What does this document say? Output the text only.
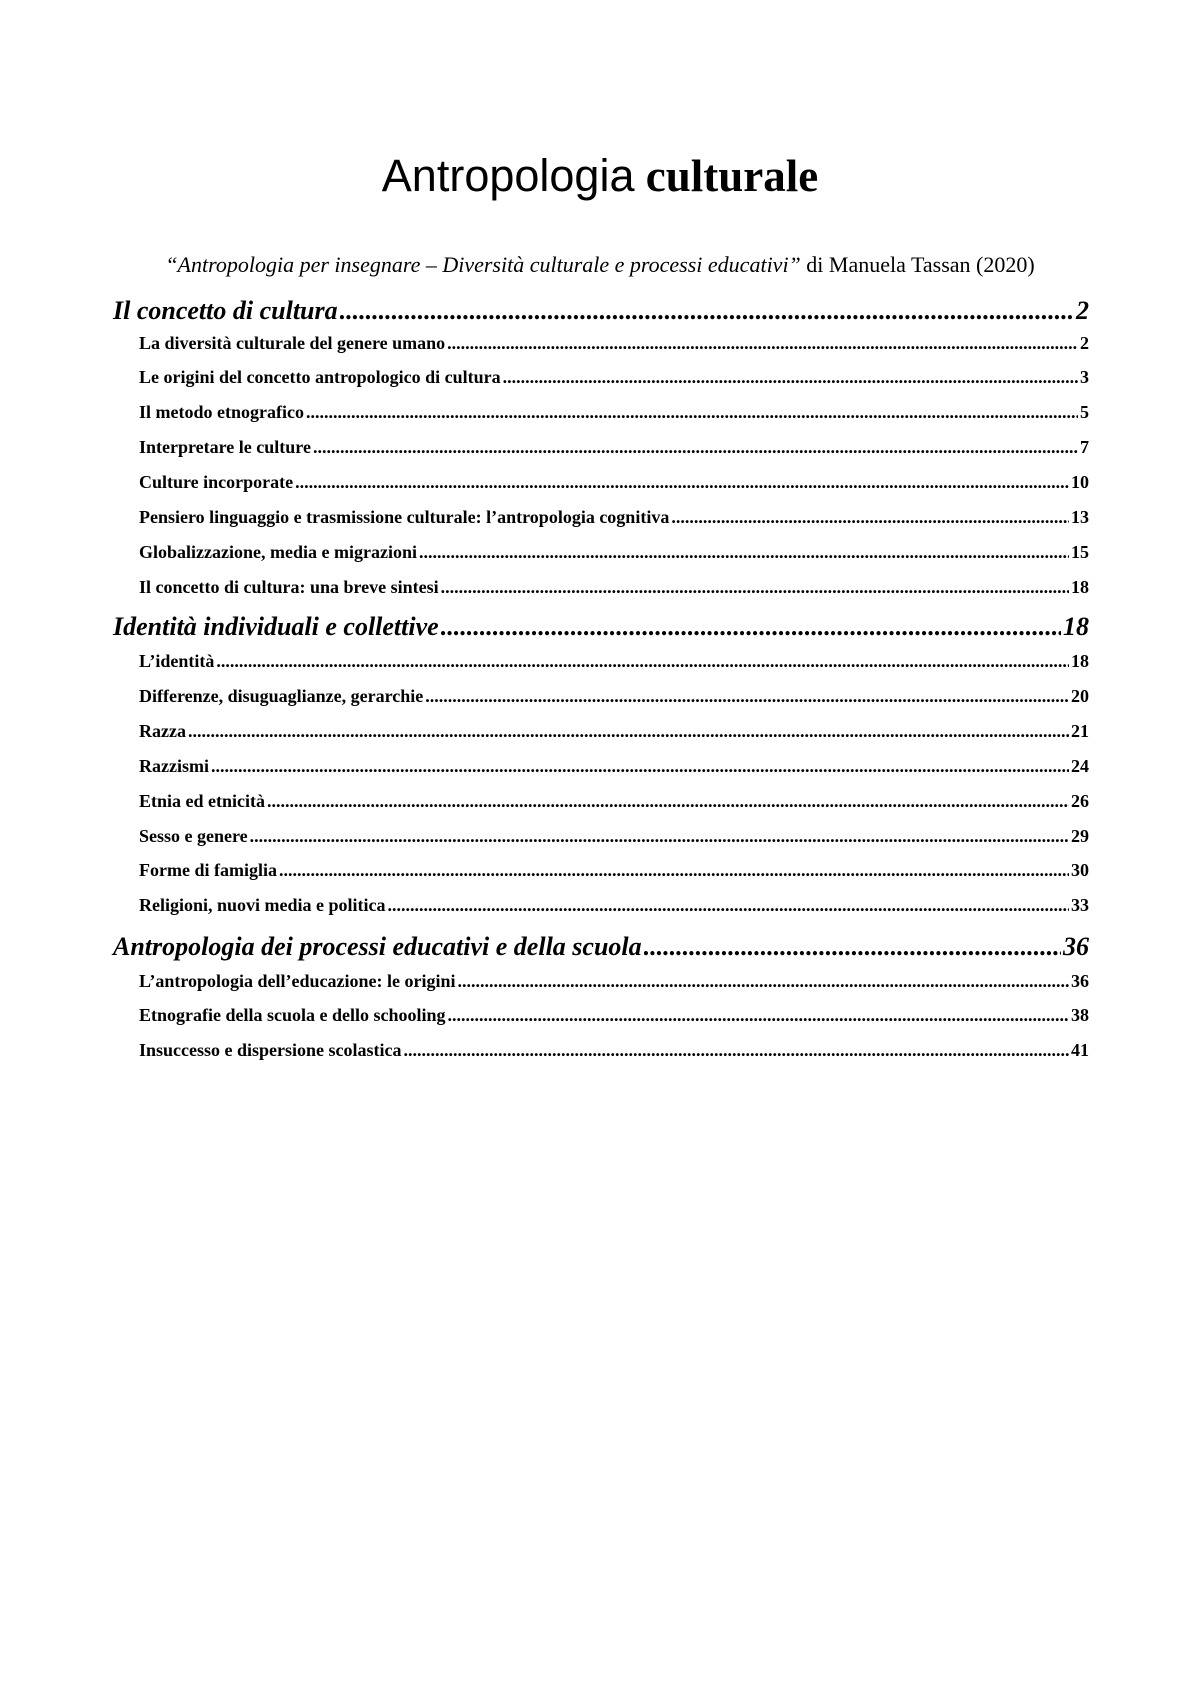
Antropologia culturale
“Antropologia per insegnare – Diversità culturale e processi educativi” di Manuela Tassan (2020)
Il concetto di cultura .....	2
La diversità culturale del genere umano .....	2
Le origini del concetto antropologico di cultura .....	3
Il metodo etnografico .....	5
Interpretare le culture .....	7
Culture incorporate .....	10
Pensiero linguaggio e trasmissione culturale: l’antropologia cognitiva .....	13
Globalizzazione, media e migrazioni .....	15
Il concetto di cultura: una breve sintesi .....	18
Identità individuali e collettive .....	18
L’identità .....	18
Differenze, disuguaglianze, gerarchie .....	20
Razza .....	21
Razzismi .....	24
Etnia ed etnicità .....	26
Sesso e genere .....	29
Forme di famiglia .....	30
Religioni, nuovi media e politica .....	33
Antropologia dei processi educativi e della scuola .....	36
L’antropologia dell’educazione: le origini .....	36
Etnografie della scuola e dello schooling .....	38
Insuccesso e dispersione scolastica .....	41
